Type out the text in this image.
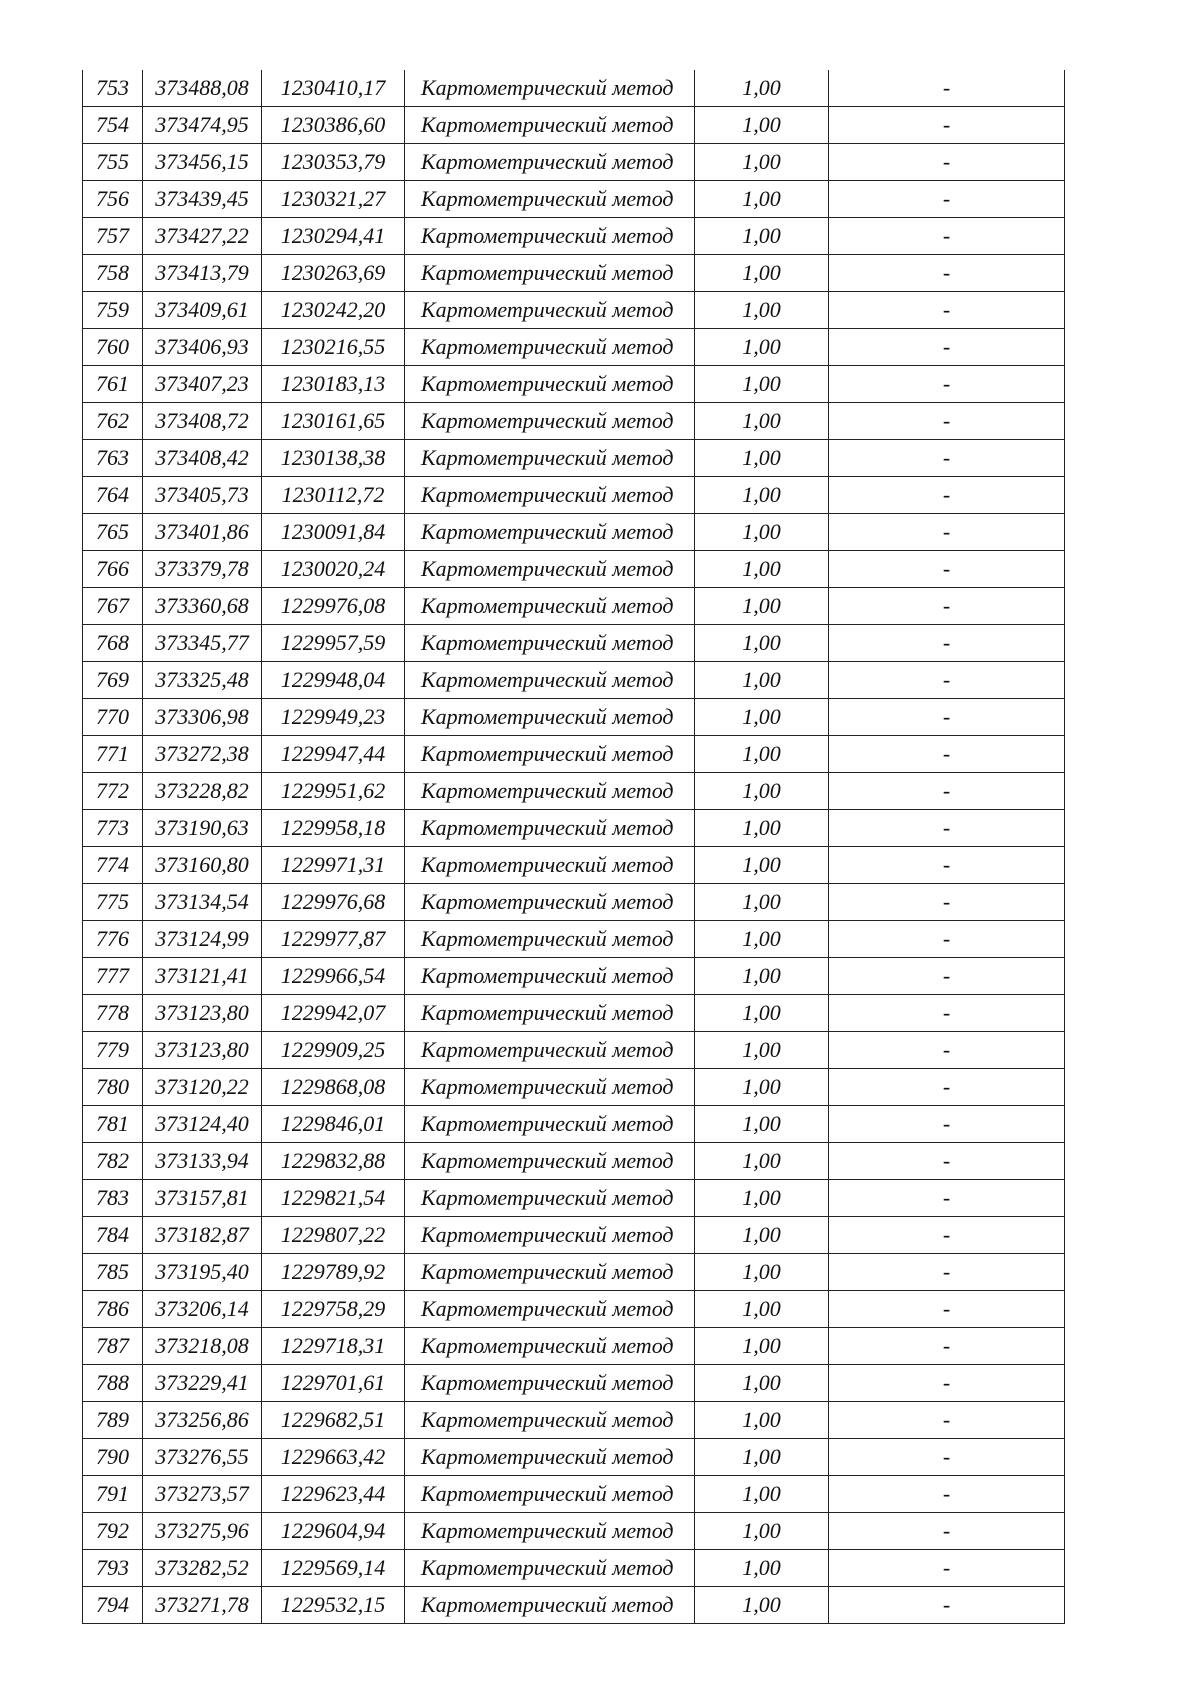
753	373488,08	1230410,17	Картометрический метод	1,00	-
754	373474,95	1230386,60	Картометрический метод	1,00	-
755	373456,15	1230353,79	Картометрический метод	1,00	-
756	373439,45	1230321,27	Картометрический метод	1,00	-
757	373427,22	1230294,41	Картометрический метод	1,00	-
758	373413,79	1230263,69	Картометрический метод	1,00	-
759	373409,61	1230242,20	Картометрический метод	1,00	-
760	373406,93	1230216,55	Картометрический метод	1,00	-
761	373407,23	1230183,13	Картометрический метод	1,00	-
762	373408,72	1230161,65	Картометрический метод	1,00	-
763	373408,42	1230138,38	Картометрический метод	1,00	-
764	373405,73	1230112,72	Картометрический метод	1,00	-
765	373401,86	1230091,84	Картометрический метод	1,00	-
766	373379,78	1230020,24	Картометрический метод	1,00	-
767	373360,68	1229976,08	Картометрический метод	1,00	-
768	373345,77	1229957,59	Картометрический метод	1,00	-
769	373325,48	1229948,04	Картометрический метод	1,00	-
770	373306,98	1229949,23	Картометрический метод	1,00	-
771	373272,38	1229947,44	Картометрический метод	1,00	-
772	373228,82	1229951,62	Картометрический метод	1,00	-
773	373190,63	1229958,18	Картометрический метод	1,00	-
774	373160,80	1229971,31	Картометрический метод	1,00	-
775	373134,54	1229976,68	Картометрический метод	1,00	-
776	373124,99	1229977,87	Картометрический метод	1,00	-
777	373121,41	1229966,54	Картометрический метод	1,00	-
778	373123,80	1229942,07	Картометрический метод	1,00	-
779	373123,80	1229909,25	Картометрический метод	1,00	-
780	373120,22	1229868,08	Картометрический метод	1,00	-
781	373124,40	1229846,01	Картометрический метод	1,00	-
782	373133,94	1229832,88	Картометрический метод	1,00	-
783	373157,81	1229821,54	Картометрический метод	1,00	-
784	373182,87	1229807,22	Картометрический метод	1,00	-
785	373195,40	1229789,92	Картометрический метод	1,00	-
786	373206,14	1229758,29	Картометрический метод	1,00	-
787	373218,08	1229718,31	Картометрический метод	1,00	-
788	373229,41	1229701,61	Картометрический метод	1,00	-
789	373256,86	1229682,51	Картометрический метод	1,00	-
790	373276,55	1229663,42	Картометрический метод	1,00	-
791	373273,57	1229623,44	Картометрический метод	1,00	-
792	373275,96	1229604,94	Картометрический метод	1,00	-
793	373282,52	1229569,14	Картометрический метод	1,00	-
794	373271,78	1229532,15	Картометрический метод	1,00	-
